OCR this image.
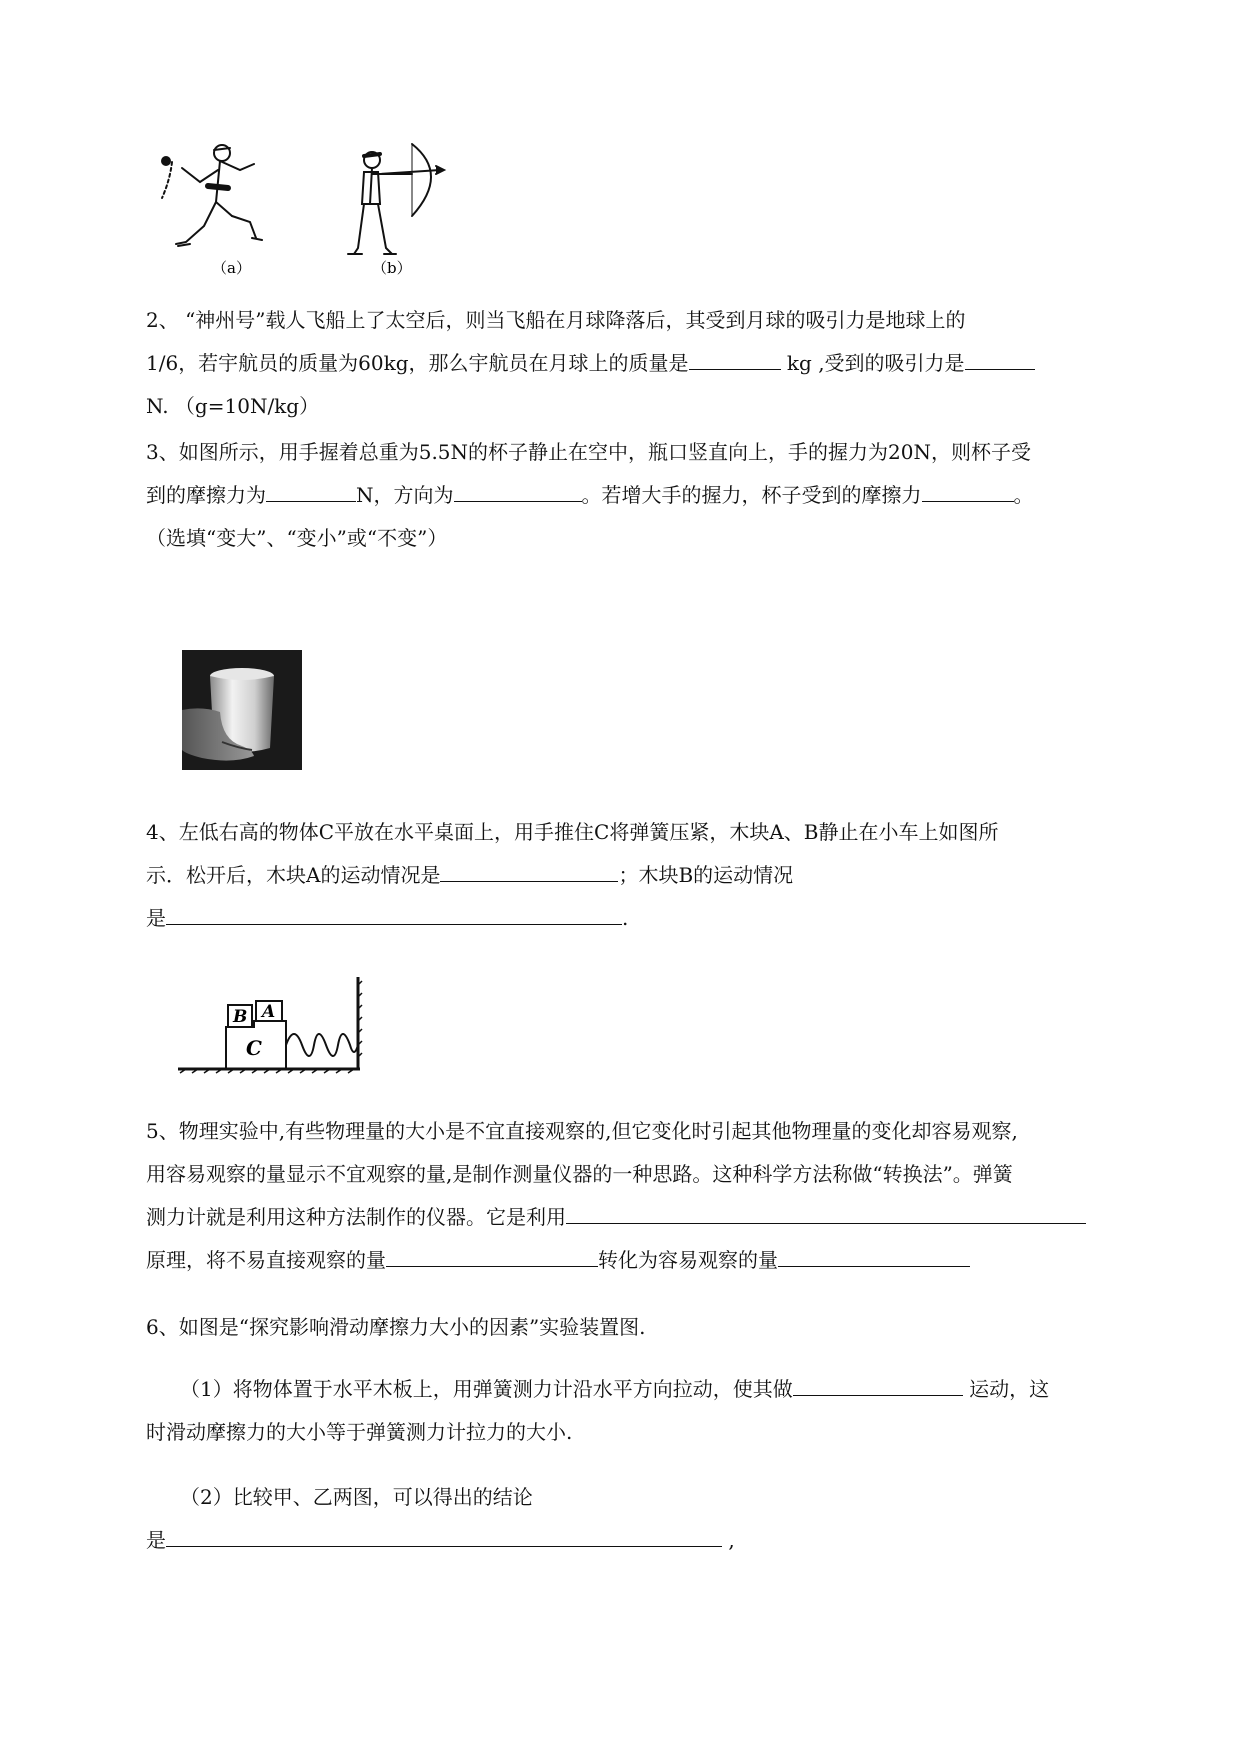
（a）	（b）
2、 “神州号”载人飞船上了太空后，则当飞船在月球降落后，其受到月球的吸引力是地球上的
1/6，若宇航员的质量为60kg，那么宇航员在月球上的质量是	kg ,受到的吸引力是
N. （g=10N/kg）
3、如图所示，用手握着总重为5.5N的杯子静止在空中，瓶口竖直向上，手的握力为20N，则杯子受
到的摩擦力为	N，方向为	。若增大手的握力，杯子受到的摩擦力	。
（选填“变大”、“变小”或“不变”）
4、左低右高的物体C平放在水平桌面上，用手推住C将弹簧压紧，木块A、B静止在小车上如图所
示．松开后，木块A的运动情况是	；木块B的运动情况
是	.
A
B
C
5、物理实验中,有些物理量的大小是不宜直接观察的,但它变化时引起其他物理量的变化却容易观察,
用容易观察的量显示不宜观察的量,是制作测量仪器的一种思路。这种科学方法称做“转换法”。弹簧
测力计就是利用这种方法制作的仪器。它是利用
原理，将不易直接观察的量	转化为容易观察的量
6、如图是“探究影响滑动摩擦力大小的因素”实验装置图.
（1）将物体置于水平木板上，用弹簧测力计沿水平方向拉动，使其做	运动，这
时滑动摩擦力的大小等于弹簧测力计拉力的大小.
（2）比较甲、乙两图，可以得出的结论
是	,
